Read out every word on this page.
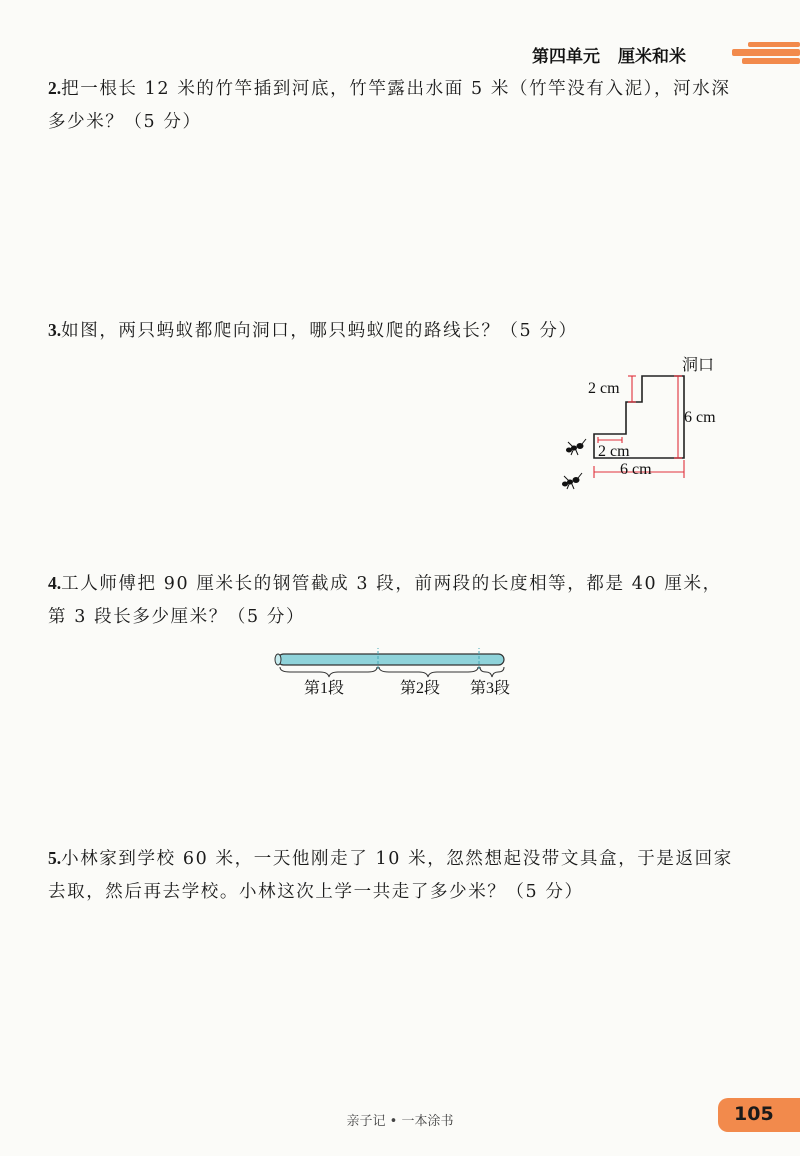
第四单元 厘米和米
2.把一根长 12 米的竹竿插到河底，竹竿露出水面 5 米（竹竿没有入泥），河水深多少米？（5 分）
3.如图，两只蚂蚁都爬向洞口，哪只蚂蚁爬的路线长？（5 分）
洞口
2 cm
6 cm
2 cm
6 cm
4.工人师傅把 90 厘米长的钢管截成 3 段，前两段的长度相等，都是 40 厘米，第 3 段长多少厘米？（5 分）
第1段	第2段 第3段
5.小林家到学校 60 米，一天他刚走了 10 米，忽然想起没带文具盒，于是返回家去取，然后再去学校。小林这次上学一共走了多少米？（5 分）
亲子记 • 一本涂书	105
